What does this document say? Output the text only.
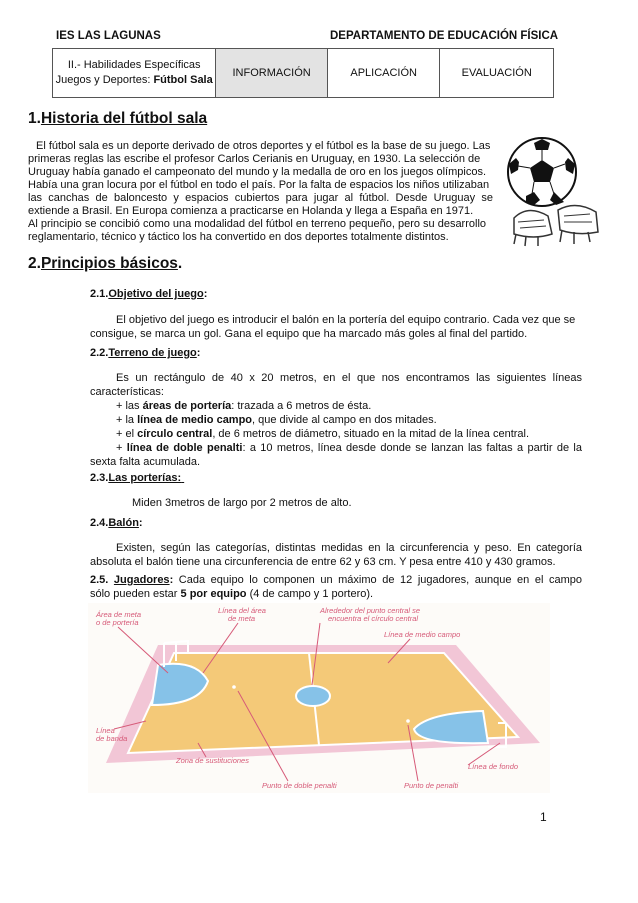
IES LAS LAGUNAS	DEPARTAMENTO DE EDUCACIÓN FÍSICA
II.- Habilidades Específicas
Juegos y Deportes: Fútbol Sala
INFORMACIÓN	APLICACIÓN	EVALUACIÓN
1.Historia del fútbol sala
El fútbol sala es un deporte derivado de otros deportes y el fútbol es la base de su juego. Las
primeras reglas las escribe el profesor Carlos Cerianis en Uruguay, en 1930. La selección de
Uruguay había ganado el campeonato del mundo y la medalla de oro en los juegos olímpicos.
Había una gran locura por el fútbol en todo el país. Por la falta de espacios los niños utilizaban
las canchas de baloncesto y espacios cubiertos para jugar al fútbol. Desde Uruguay se
extiende a Brasil. En Europa comienza a practicarse en Holanda y llega a España en 1971.
Al principio se concibió como una modalidad del fútbol en terreno pequeño, pero su desarrollo
reglamentario, técnico y táctico los ha convertido en dos deportes totalmente distintos.
2.Principios básicos.
2.1.Objetivo del juego:
El objetivo del juego es introducir el balón en la portería del equipo contrario. Cada vez que se
consigue, se marca un gol. Gana el equipo que ha marcado más goles al final del partido.
2.2.Terreno de juego:
Es un rectángulo de 40 x 20 metros, en el que nos encontramos las siguientes líneas
características:
+ las áreas de portería: trazada a 6 metros de ésta.
+ la línea de medio campo, que divide al campo en dos mitades.
+ el círculo central, de 6 metros de diámetro, situado en la mitad de la línea central.
+ línea de doble penalti: a 10 metros, línea desde donde se lanzan las faltas a partir de la
sexta falta acumulada.
2.3.Las porterías:
Miden 3metros de largo por 2 metros de alto.
2.4.Balón:
Existen, según las categorías, distintas medidas en la circunferencia y peso. En categoría
absoluta el balón tiene una circunferencia de entre 62 y 63 cm. Y pesa entre 410 y 430 gramos.
2.5. Jugadores: Cada equipo lo componen un máximo de 12 jugadores, aunque en el campo
sólo pueden estar 5 por equipo (4 de campo y 1 portero).
Área de meta
o de portería
Línea del área
de meta
Alrededor del punto central se
encuentra el círculo central
Línea de medio campo
Línea
de banda
Zona de sustituciones
Línea de fondo
Punto de doble penalti	Punto de penalti
1
